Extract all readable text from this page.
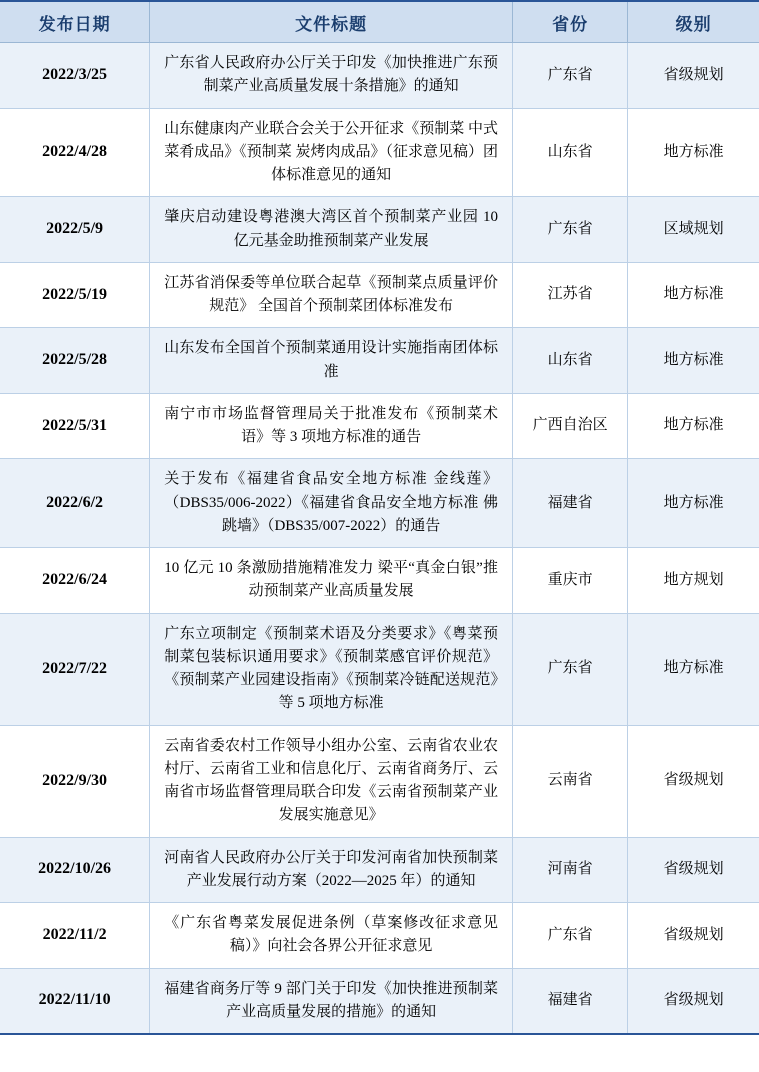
发布日期	文件标题	省份	级别
2022/3/25	广东省人民政府办公厅关于印发《加快推进广东预制菜产业高质量发展十条措施》的通知	广东省	省级规划
2022/4/28	山东健康肉产业联合会关于公开征求《预制菜 中式菜肴成品》《预制菜 炭烤肉成品》（征求意见稿）团体标准意见的通知	山东省	地方标准
2022/5/9	肇庆启动建设粤港澳大湾区首个预制菜产业园 10 亿元基金助推预制菜产业发展	广东省	区域规划
2022/5/19	江苏省消保委等单位联合起草《预制菜点质量评价规范》 全国首个预制菜团体标准发布	江苏省	地方标准
2022/5/28	山东发布全国首个预制菜通用设计实施指南团体标准	山东省	地方标准
2022/5/31	南宁市市场监督管理局关于批准发布《预制菜术语》等 3 项地方标准的通告	广西自治区	地方标准
2022/6/2	关于发布《福建省食品安全地方标准 金线莲》（DBS35/006-2022）《福建省食品安全地方标准 佛跳墙》（DBS35/007-2022）的通告	福建省	地方标准
2022/6/24	10 亿元 10 条激励措施精准发力 梁平“真金白银”推动预制菜产业高质量发展	重庆市	地方规划
2022/7/22	广东立项制定《预制菜术语及分类要求》《粤菜预制菜包装标识通用要求》《预制菜感官评价规范》《预制菜产业园建设指南》《预制菜冷链配送规范》等 5 项地方标准	广东省	地方标准
2022/9/30	云南省委农村工作领导小组办公室、云南省农业农村厅、云南省工业和信息化厅、云南省商务厅、云南省市场监督管理局联合印发《云南省预制菜产业发展实施意见》	云南省	省级规划
2022/10/26	河南省人民政府办公厅关于印发河南省加快预制菜产业发展行动方案（2022—2025 年）的通知	河南省	省级规划
2022/11/2	《广东省粤菜发展促进条例（草案修改征求意见稿）》向社会各界公开征求意见	广东省	省级规划
2022/11/10	福建省商务厅等 9 部门关于印发《加快推进预制菜产业高质量发展的措施》的通知	福建省	省级规划
